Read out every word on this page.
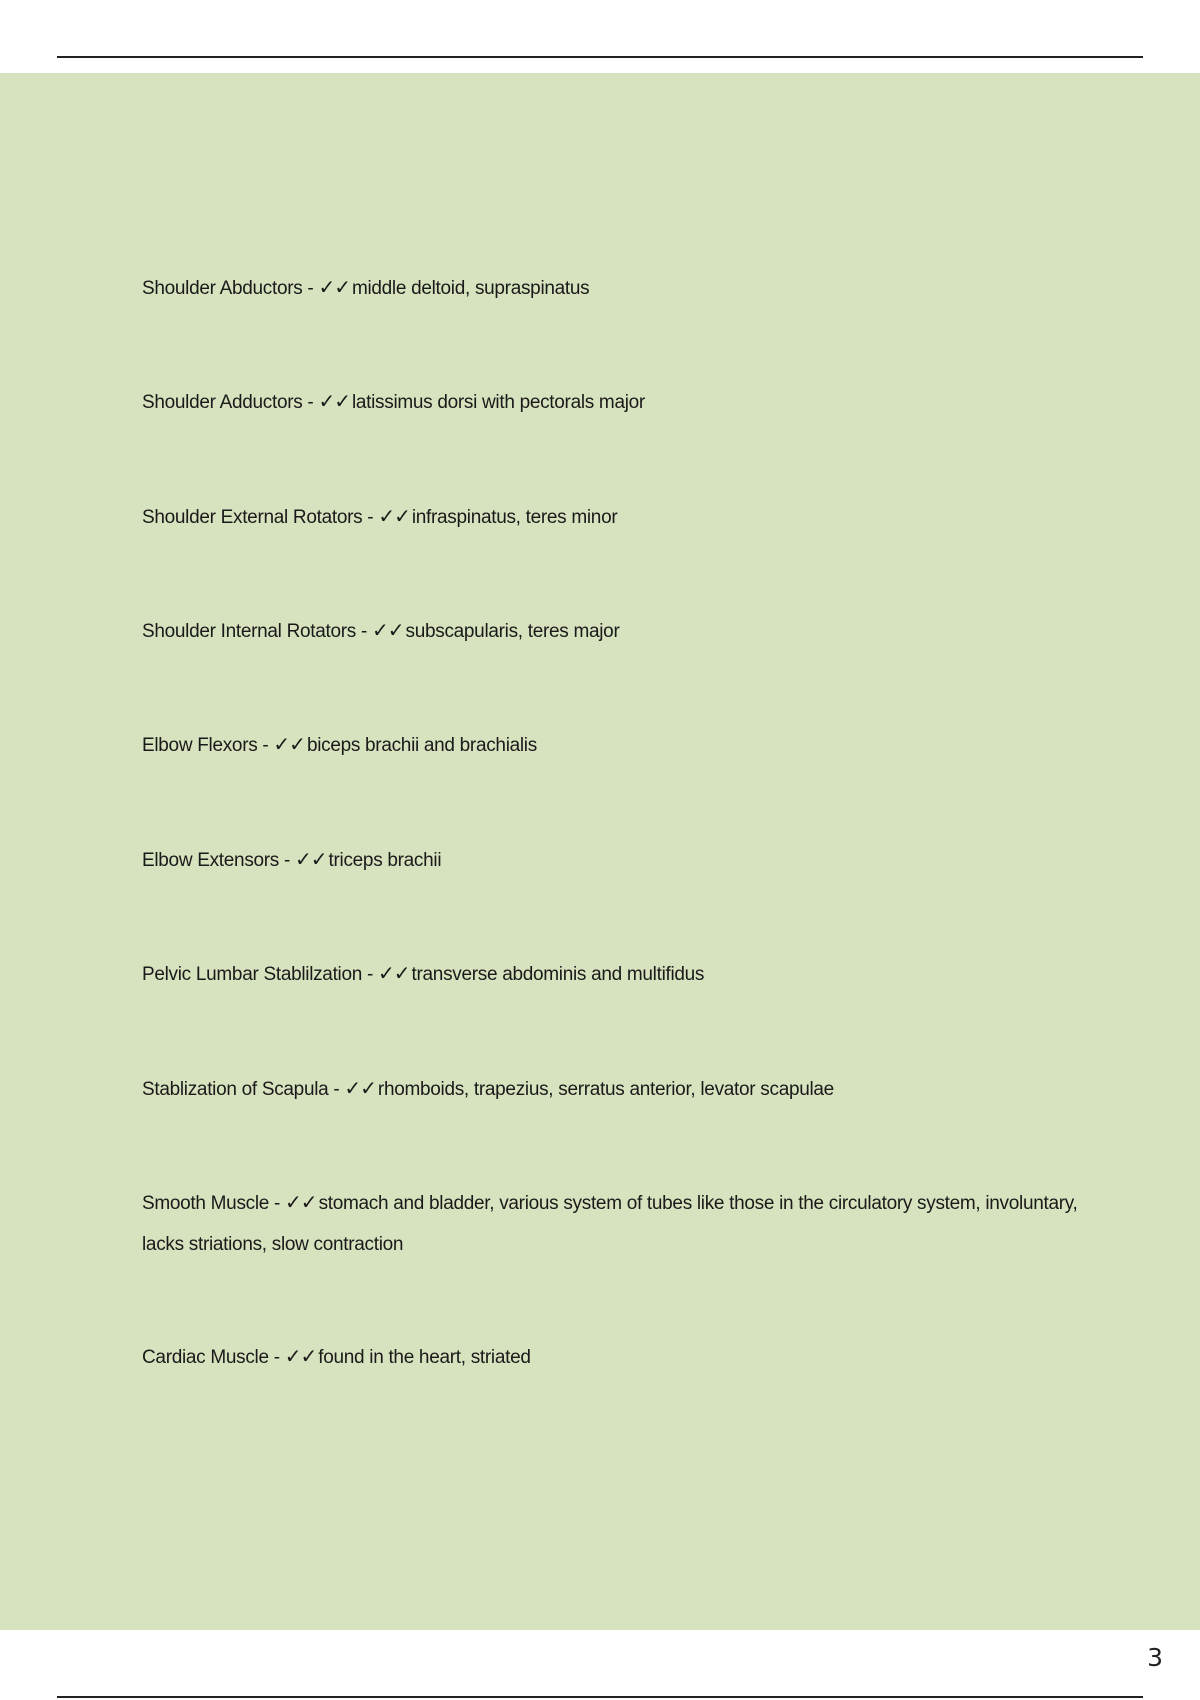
Shoulder Abductors - ✓✓ middle deltoid, supraspinatus
Shoulder Adductors - ✓✓ latissimus dorsi with pectorals major
Shoulder External Rotators - ✓✓ infraspinatus, teres minor
Shoulder Internal Rotators - ✓✓ subscapularis, teres major
Elbow Flexors - ✓✓ biceps brachii and brachialis
Elbow Extensors - ✓✓ triceps brachii
Pelvic Lumbar Stablilzation - ✓✓ transverse abdominis and multifidus
Stablization of Scapula - ✓✓ rhomboids, trapezius, serratus anterior, levator scapulae
Smooth Muscle - ✓✓ stomach and bladder, various system of tubes like those in the circulatory system, involuntary, lacks striations, slow contraction
Cardiac Muscle - ✓✓ found in the heart, striated
3
